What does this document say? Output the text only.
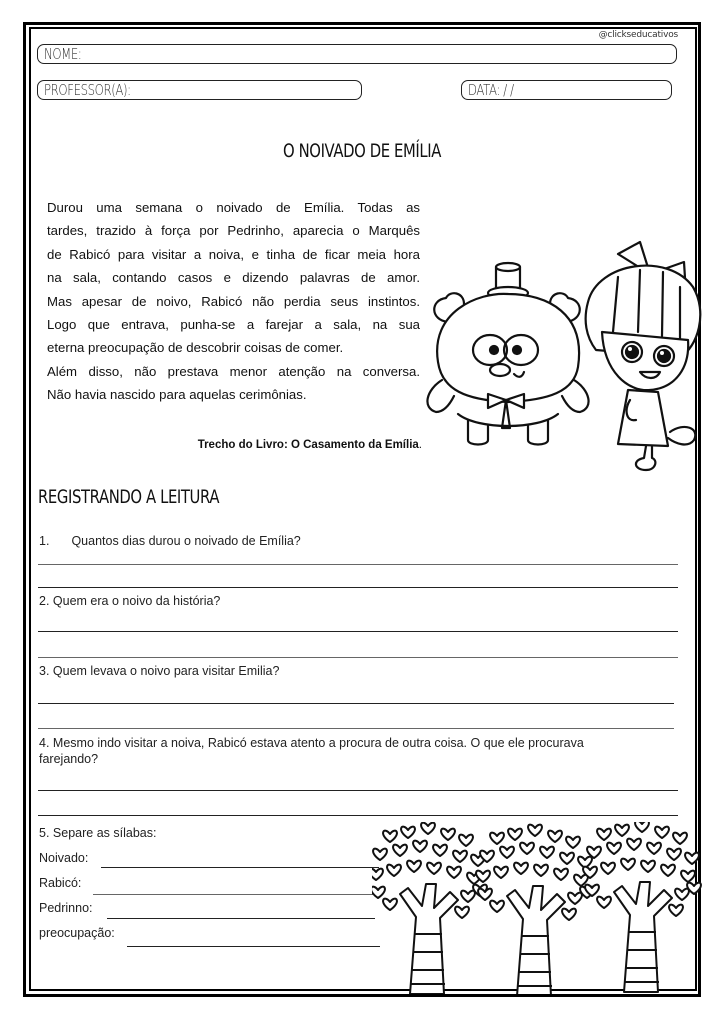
@clickseducativos
NOME:
PROFESSOR(A):	DATA: / /
O NOIVADO DE EMÍLIA

Durou uma semana o noivado de Emília. Todas as

tardes, trazido à força por Pedrinho, aparecia o Marquês

de Rabicó para visitar a noiva, e tinha de ficar meia hora

na sala, contando casos e dizendo palavras de amor.

Mas apesar de noivo, Rabicó não perdia seus instintos.

Logo que entrava, punha-se a farejar a sala, na sua

eterna preocupação de descobrir coisas de comer.

Além disso, não prestava menor atenção na conversa.

Não havia nascido para aquelas cerimônias.

Trecho do Livro: O Casamento da Emília.
REGISTRANDO A LEITURA
1. Quantos dias durou o noivado de Emília?
2. Quem era o noivo da história?
3. Quem levava o noivo para visitar Emilia?
4. Mesmo indo visitar a noiva, Rabicó estava atento a procura de outra coisa. O que ele procurava
farejando?
5. Separe as sílabas:
Noivado:
Rabicó:
Pedrinno:
preocupação:
